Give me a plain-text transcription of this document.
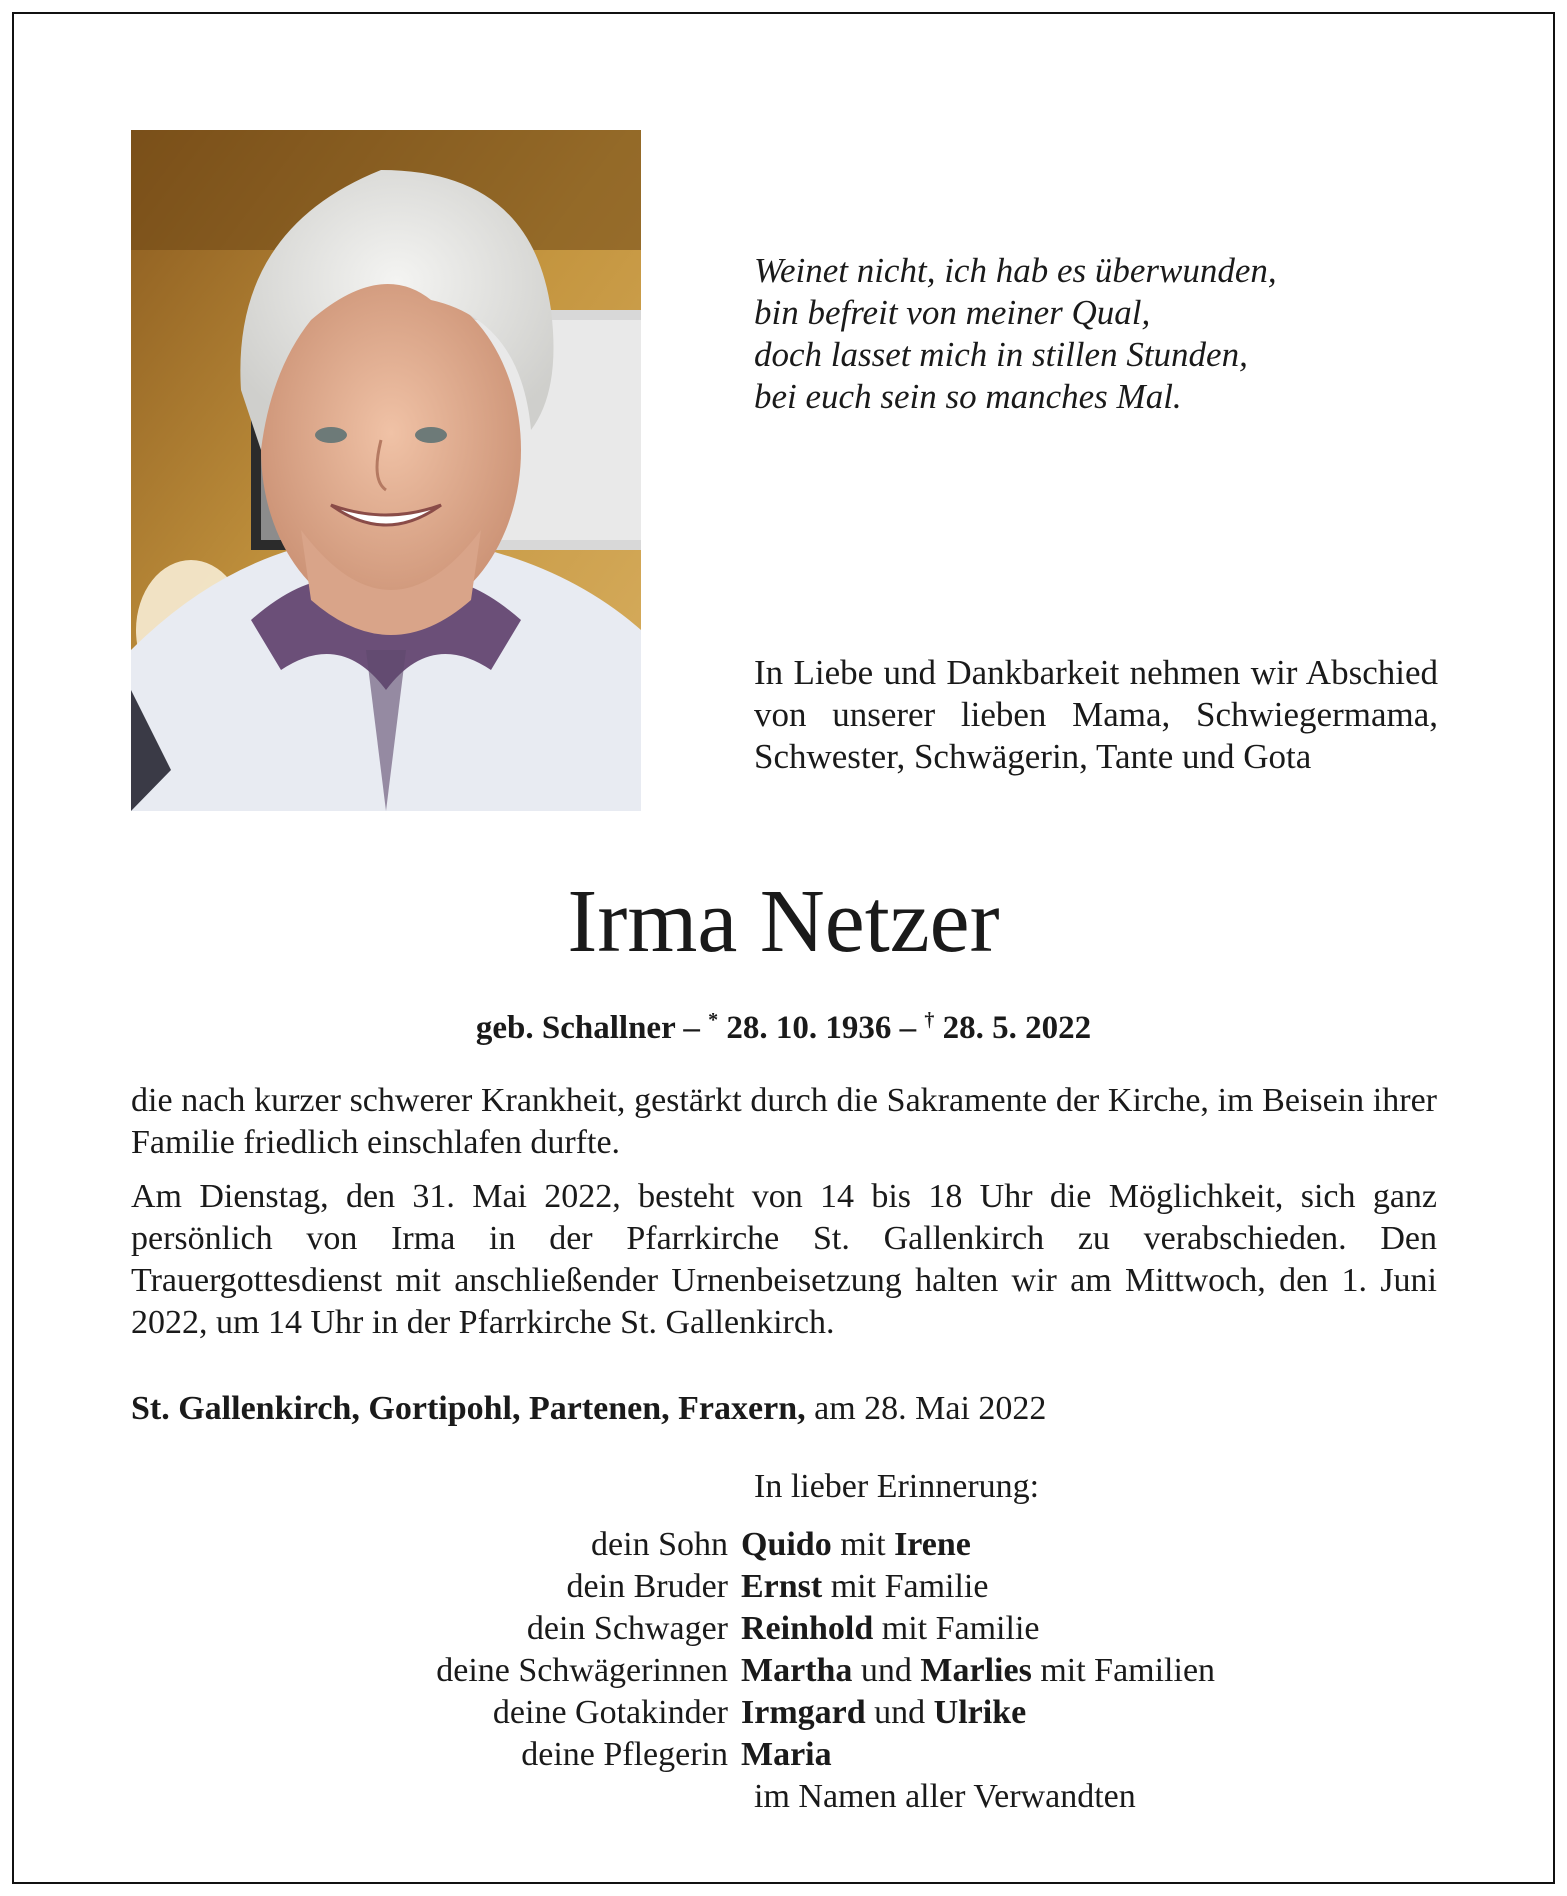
Weinet nicht, ich hab es überwunden,
bin befreit von meiner Qual,
doch lasset mich in stillen Stunden,
bei euch sein so manches Mal.
In Liebe und Dankbarkeit nehmen wir Abschied von unserer lieben Mama, Schwiegermama, Schwester, Schwägerin, Tante und Gota
Irma Netzer
geb. Schallner – * 28. 10. 1936 – † 28. 5. 2022

die nach kurzer schwerer Krankheit, gestärkt durch die Sakramente der Kirche, im Beisein ihrer Familie friedlich einschlafen durfte.

Am Dienstag, den 31. Mai 2022, besteht von 14 bis 18 Uhr die Möglichkeit, sich ganz persönlich von Irma in der Pfarrkirche St. Gallenkirch zu verabschieden. Den Trauergottesdienst mit anschließender Urnenbeisetzung halten wir am Mittwoch, den 1. Juni 2022, um 14 Uhr in der Pfarrkirche St. Gallenkirch.

St. Gallenkirch, Gortipohl, Partenen, Fraxern, am 28. Mai 2022
In lieber Erinnerung:
dein Sohn Quido mit Irene
dein Bruder Ernst mit Familie
dein Schwager Reinhold mit Familie
deine Schwägerinnen Martha und Marlies mit Familien
deine Gotakinder Irmgard und Ulrike
deine Pflegerin Maria
im Namen aller Verwandten
